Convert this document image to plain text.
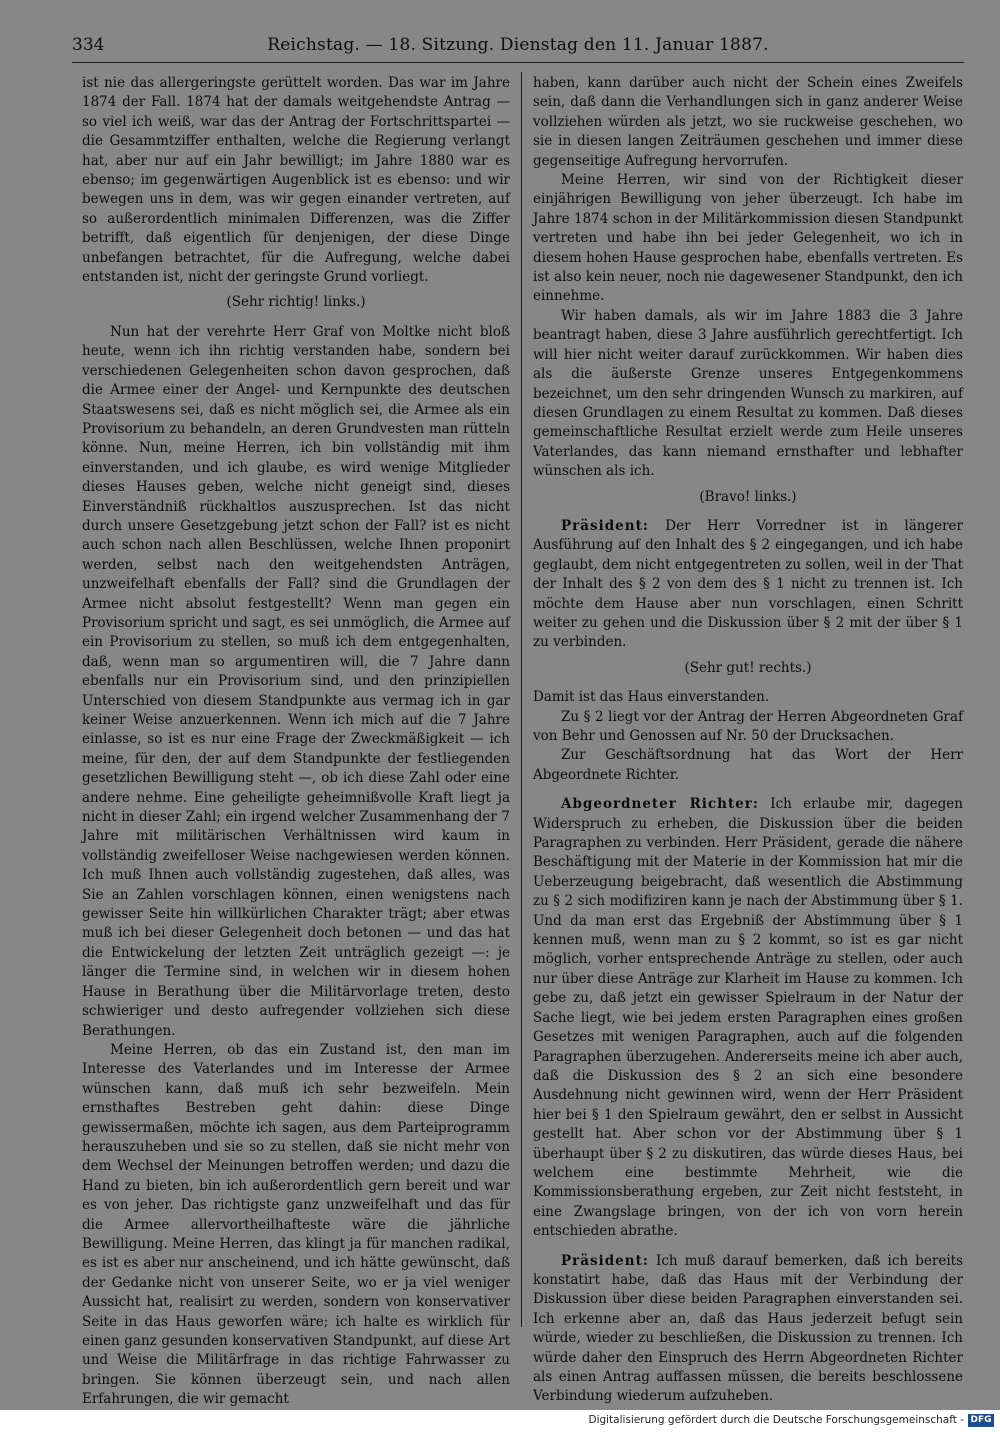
334	Reichstag. — 18. Sitzung. Dienstag den 11. Januar 1887.

ist nie das allergeringste gerüttelt worden. Das war im Jahre 1874 der Fall. 1874 hat der damals weitgehendste Antrag — so viel ich weiß, war das der Antrag der Fortschrittspartei — die Gesammtziffer enthalten, welche die Regierung verlangt hat, aber nur auf ein Jahr bewilligt; im Jahre 1880 war es ebenso; im gegenwärtigen Augenblick ist es ebenso: und wir bewegen uns in dem, was wir gegen einander vertreten, auf so außerordentlich minimalen Differenzen, was die Ziffer betrifft, daß eigentlich für denjenigen, der diese Dinge unbefangen betrachtet, für die Aufregung, welche dabei entstanden ist, nicht der geringste Grund vorliegt.

(Sehr richtig! links.)

Nun hat der verehrte Herr Graf von Moltke nicht bloß heute, wenn ich ihn richtig verstanden habe, sondern bei verschiedenen Gelegenheiten schon davon gesprochen, daß die Armee einer der Angel- und Kernpunkte des deutschen Staatswesens sei, daß es nicht möglich sei, die Armee als ein Provisorium zu behandeln, an deren Grundvesten man rütteln könne. Nun, meine Herren, ich bin vollständig mit ihm einverstanden, und ich glaube, es wird wenige Mitglieder dieses Hauses geben, welche nicht geneigt sind, dieses Einverständniß rückhaltlos auszusprechen. Ist das nicht durch unsere Gesetzgebung jetzt schon der Fall? ist es nicht auch schon nach allen Beschlüssen, welche Ihnen proponirt werden, selbst nach den weitgehendsten Anträgen, unzweifelhaft ebenfalls der Fall? sind die Grundlagen der Armee nicht absolut festgestellt? Wenn man gegen ein Provisorium spricht und sagt, es sei unmöglich, die Armee auf ein Provisorium zu stellen, so muß ich dem entgegenhalten, daß, wenn man so argumentiren will, die 7 Jahre dann ebenfalls nur ein Provisorium sind, und den prinzipiellen Unterschied von diesem Standpunkte aus vermag ich in gar keiner Weise anzuerkennen. Wenn ich mich auf die 7 Jahre einlasse, so ist es nur eine Frage der Zweckmäßigkeit — ich meine, für den, der auf dem Standpunkte der festliegenden gesetzlichen Bewilligung steht —, ob ich diese Zahl oder eine andere nehme. Eine geheiligte geheimnißvolle Kraft liegt ja nicht in dieser Zahl; ein irgend welcher Zusammenhang der 7 Jahre mit militärischen Verhältnissen wird kaum in vollständig zweifelloser Weise nachgewiesen werden können. Ich muß Ihnen auch vollständig zugestehen, daß alles, was Sie an Zahlen vorschlagen können, einen wenigstens nach gewisser Seite hin willkürlichen Charakter trägt; aber etwas muß ich bei dieser Gelegenheit doch betonen — und das hat die Entwickelung der letzten Zeit unträglich gezeigt —: je länger die Termine sind, in welchen wir in diesem hohen Hause in Berathung über die Militärvorlage treten, desto schwieriger und desto aufregender vollziehen sich diese Berathungen.

Meine Herren, ob das ein Zustand ist, den man im Interesse des Vaterlandes und im Interesse der Armee wünschen kann, daß muß ich sehr bezweifeln. Mein ernsthaftes Bestreben geht dahin: diese Dinge gewissermaßen, möchte ich sagen, aus dem Parteiprogramm herauszuheben und sie so zu stellen, daß sie nicht mehr von dem Wechsel der Meinungen betroffen werden; und dazu die Hand zu bieten, bin ich außerordentlich gern bereit und war es von jeher. Das richtigste ganz unzweifelhaft und das für die Armee allervortheilhafteste wäre die jährliche Bewilligung. Meine Herren, das klingt ja für manchen radikal, es ist es aber nur anscheinend, und ich hätte gewünscht, daß der Gedanke nicht von unserer Seite, wo er ja viel weniger Aussicht hat, realisirt zu werden, sondern von konservativer Seite in das Haus geworfen wäre; ich halte es wirklich für einen ganz gesunden konservativen Standpunkt, auf diese Art und Weise die Militärfrage in das richtige Fahrwasser zu bringen. Sie können überzeugt sein, und nach allen Erfahrungen, die wir gemacht

haben, kann darüber auch nicht der Schein eines Zweifels sein, daß dann die Verhandlungen sich in ganz anderer Weise vollziehen würden als jetzt, wo sie ruckweise geschehen, wo sie in diesen langen Zeiträumen geschehen und immer diese gegenseitige Aufregung hervorrufen.

Meine Herren, wir sind von der Richtigkeit dieser einjährigen Bewilligung von jeher überzeugt. Ich habe im Jahre 1874 schon in der Militärkommission diesen Standpunkt vertreten und habe ihn bei jeder Gelegenheit, wo ich in diesem hohen Hause gesprochen habe, ebenfalls vertreten. Es ist also kein neuer, noch nie dagewesener Standpunkt, den ich einnehme.

Wir haben damals, als wir im Jahre 1883 die 3 Jahre beantragt haben, diese 3 Jahre ausführlich gerechtfertigt. Ich will hier nicht weiter darauf zurückkommen. Wir haben dies als die äußerste Grenze unseres Entgegenkommens bezeichnet, um den sehr dringenden Wunsch zu markiren, auf diesen Grundlagen zu einem Resultat zu kommen. Daß dieses gemeinschaftliche Resultat erzielt werde zum Heile unseres Vaterlandes, das kann niemand ernsthafter und lebhafter wünschen als ich.

(Bravo! links.)

Präsident: Der Herr Vorredner ist in längerer Ausführung auf den Inhalt des § 2 eingegangen, und ich habe geglaubt, dem nicht entgegentreten zu sollen, weil in der That der Inhalt des § 2 von dem des § 1 nicht zu trennen ist. Ich möchte dem Hause aber nun vorschlagen, einen Schritt weiter zu gehen und die Diskussion über § 2 mit der über § 1 zu verbinden.

(Sehr gut! rechts.)

Damit ist das Haus einverstanden.

Zu § 2 liegt vor der Antrag der Herren Abgeordneten Graf von Behr und Genossen auf Nr. 50 der Drucksachen.

Zur Geschäftsordnung hat das Wort der Herr Abgeordnete Richter.

Abgeordneter Richter: Ich erlaube mir, dagegen Widerspruch zu erheben, die Diskussion über die beiden Paragraphen zu verbinden. Herr Präsident, gerade die nähere Beschäftigung mit der Materie in der Kommission hat mir die Ueberzeugung beigebracht, daß wesentlich die Abstimmung zu § 2 sich modifiziren kann je nach der Abstimmung über § 1. Und da man erst das Ergebniß der Abstimmung über § 1 kennen muß, wenn man zu § 2 kommt, so ist es gar nicht möglich, vorher entsprechende Anträge zu stellen, oder auch nur über diese Anträge zur Klarheit im Hause zu kommen. Ich gebe zu, daß jetzt ein gewisser Spielraum in der Natur der Sache liegt, wie bei jedem ersten Paragraphen eines großen Gesetzes mit wenigen Paragraphen, auch auf die folgenden Paragraphen überzugehen. Andererseits meine ich aber auch, daß die Diskussion des § 2 an sich eine besondere Ausdehnung nicht gewinnen wird, wenn der Herr Präsident hier bei § 1 den Spielraum gewährt, den er selbst in Aussicht gestellt hat. Aber schon vor der Abstimmung über § 1 überhaupt über § 2 zu diskutiren, das würde dieses Haus, bei welchem eine bestimmte Mehrheit, wie die Kommissionsberathung ergeben, zur Zeit nicht feststeht, in eine Zwangslage bringen, von der ich von vorn herein entschieden abrathe.

Präsident: Ich muß darauf bemerken, daß ich bereits konstatirt habe, daß das Haus mit der Verbindung der Diskussion über diese beiden Paragraphen einverstanden sei. Ich erkenne aber an, daß das Haus jederzeit befugt sein würde, wieder zu beschließen, die Diskussion zu trennen. Ich würde daher den Einspruch des Herrn Abgeordneten Richter als einen Antrag auffassen müssen, die bereits beschlossene Verbindung wiederum aufzuheben.

Digitalisierung gefördert durch die Deutsche Forschungsgemeinschaft - DFG
